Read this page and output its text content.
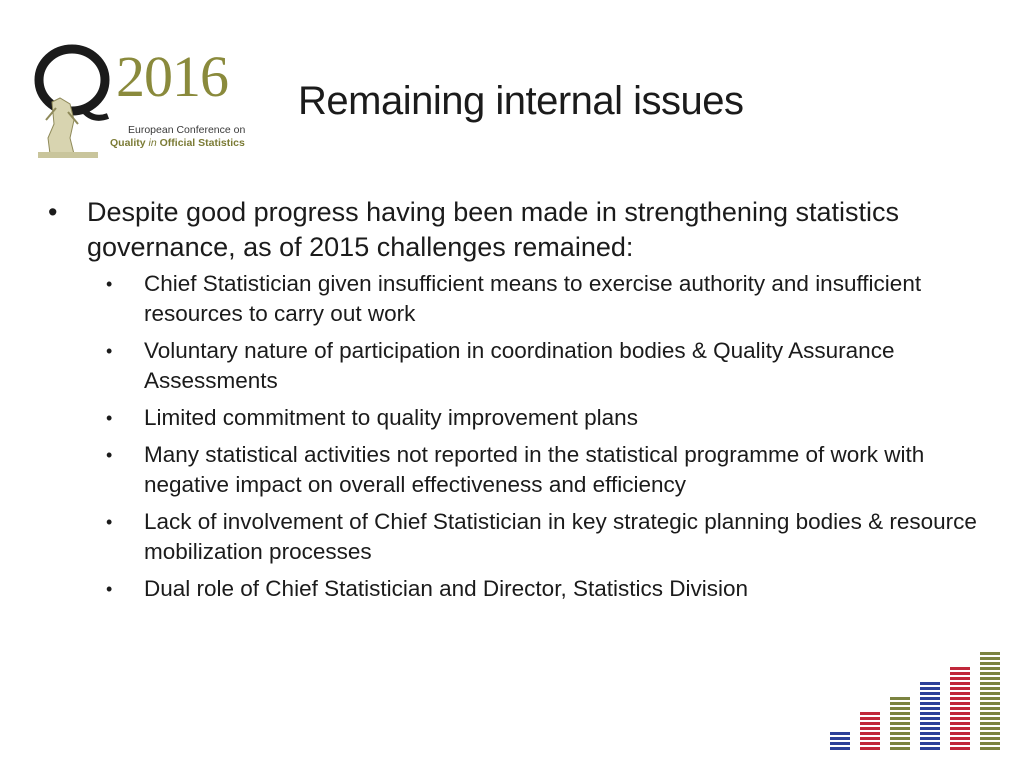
2016
European Conference on
Quality in Official Statistics
Remaining internal issues
• Despite good progress having been made in strengthening statistics governance, as of 2015 challenges remained:
• Chief Statistician given insufficient means to exercise authority and insufficient resources to carry out work
• Voluntary nature of participation in coordination bodies & Quality Assurance Assessments
• Limited commitment to quality improvement plans
• Many statistical activities not reported in the statistical programme of work with negative impact on overall effectiveness and efficiency
• Lack of involvement of Chief Statistician in key strategic planning bodies & resource mobilization processes
• Dual role of Chief Statistician and Director, Statistics Division
